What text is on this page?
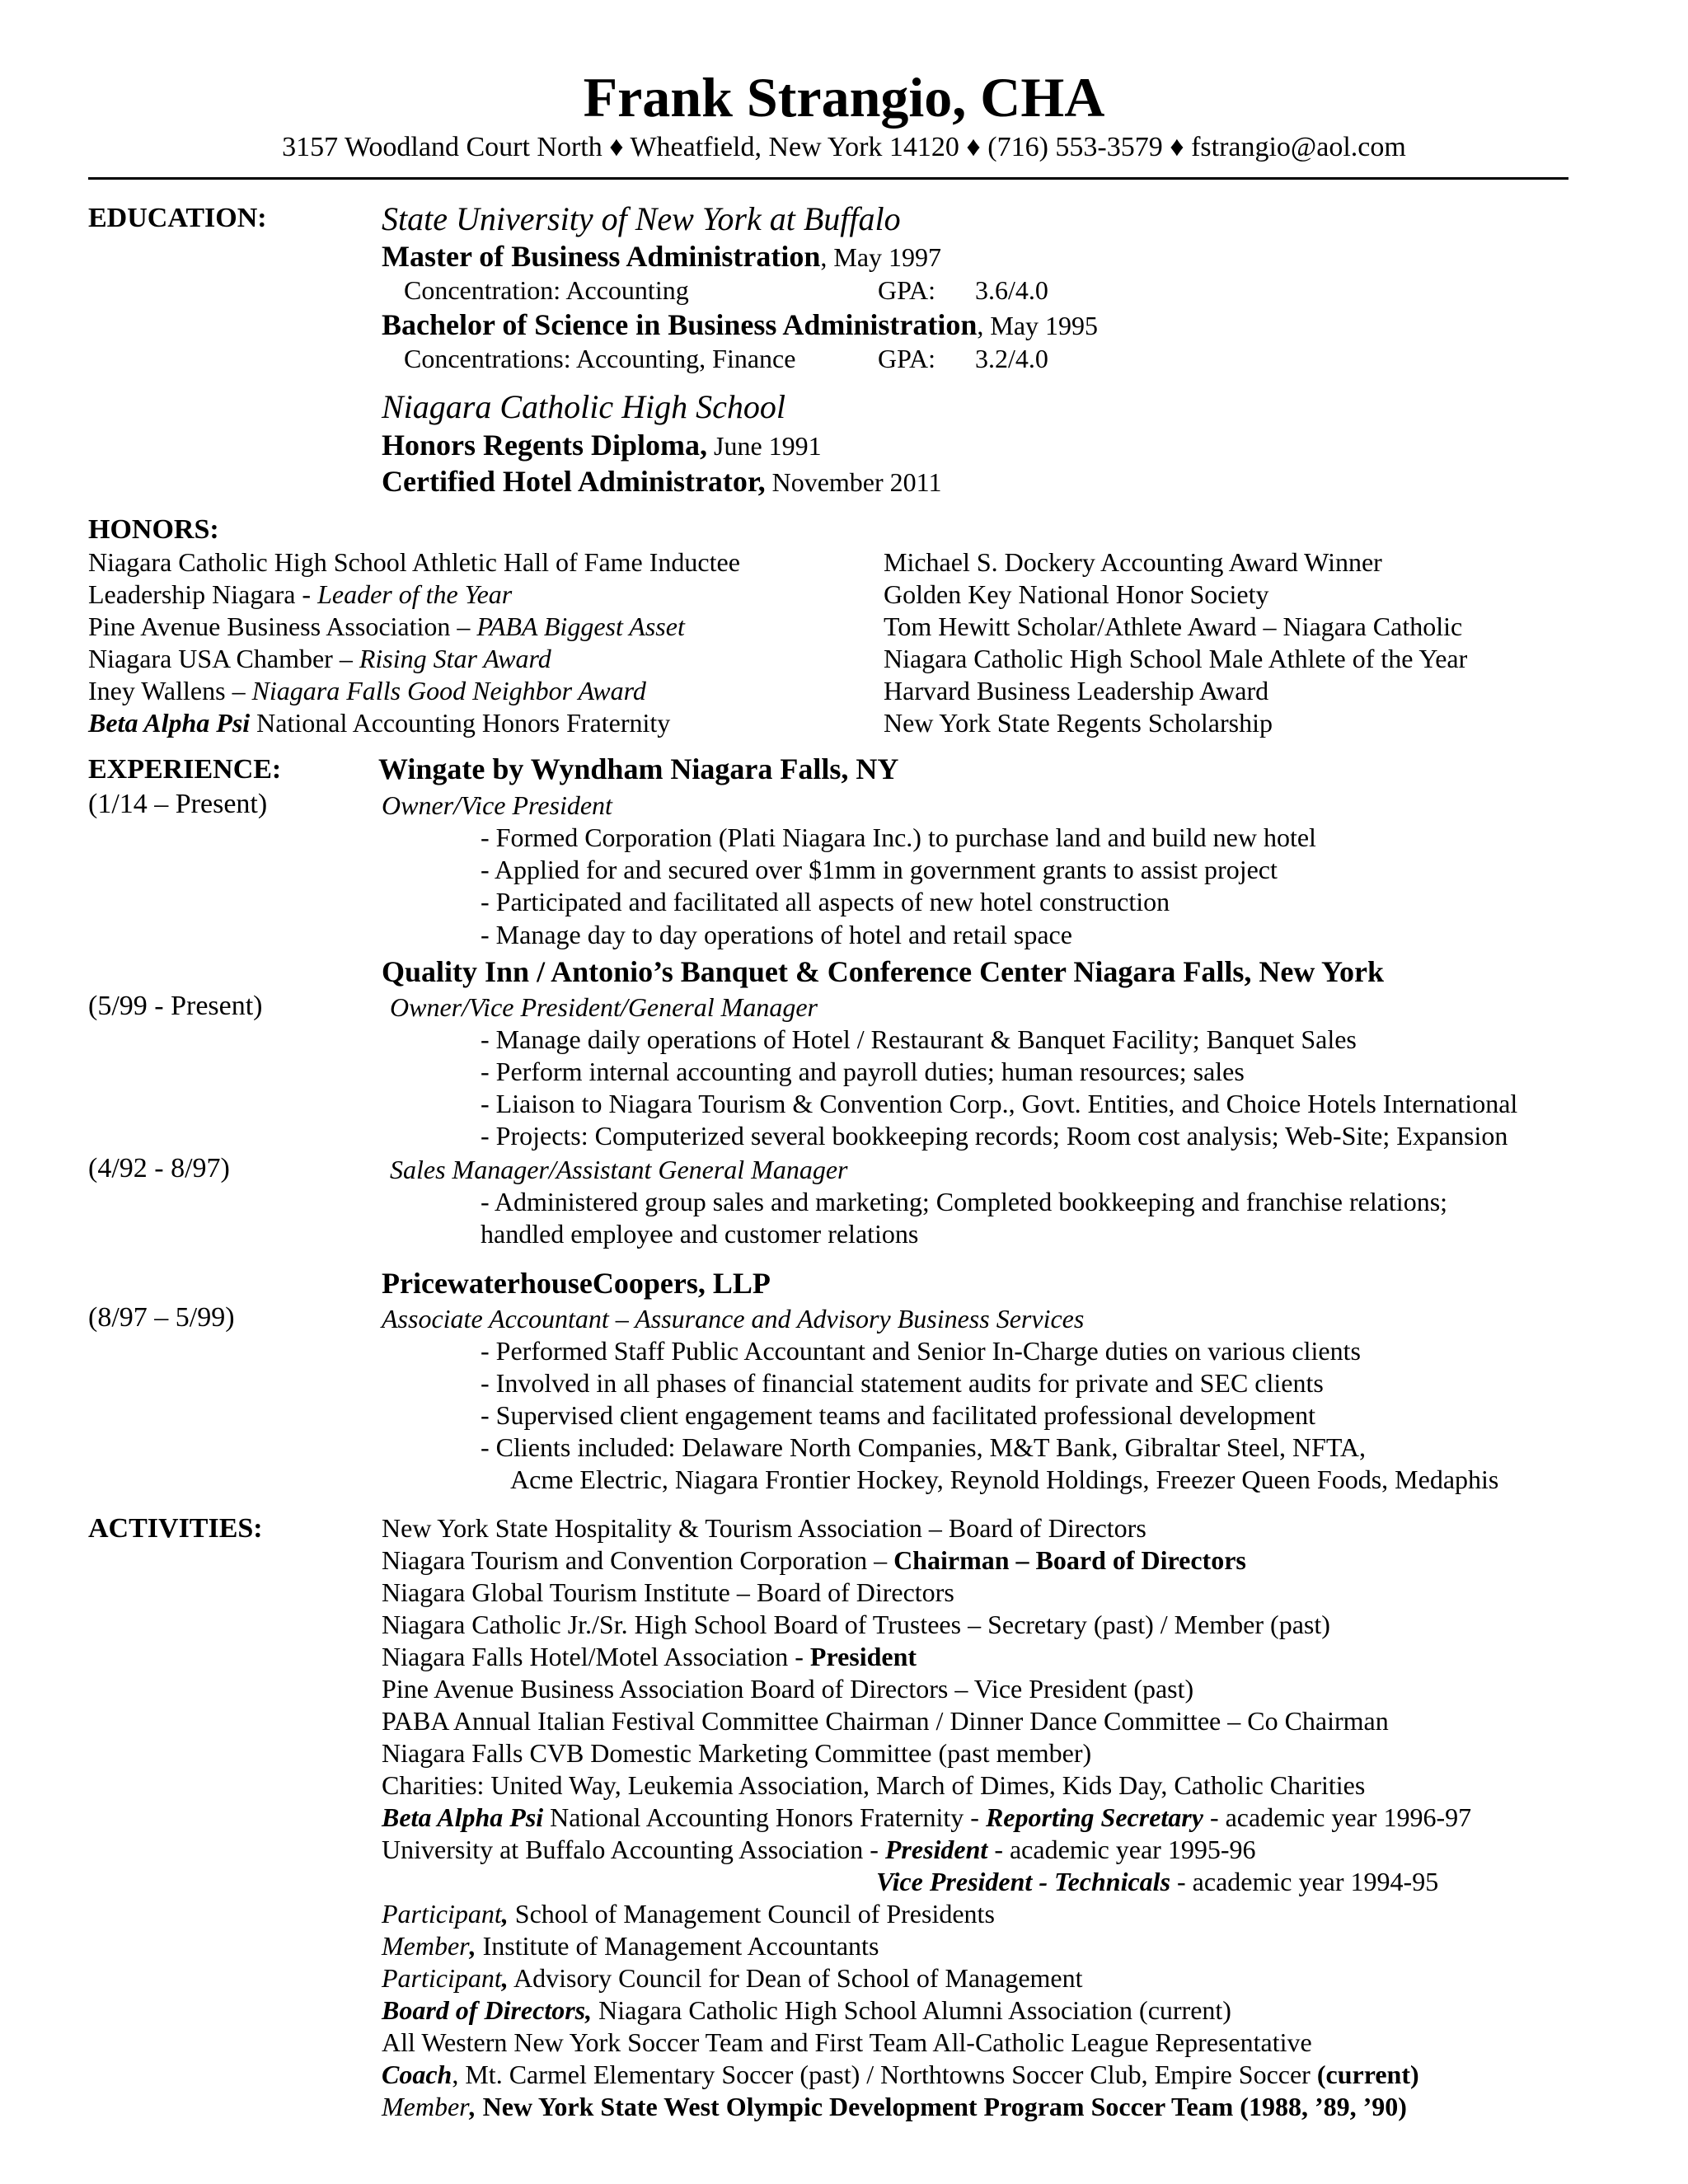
Frank Strangio, CHA
3157 Woodland Court North ♦ Wheatfield, New York 14120 ♦ (716) 553-3579 ♦ fstrangio@aol.com
EDUCATION:	State University of New York at Buffalo
Master of Business Administration, May 1997
Concentration: Accounting	GPA: 3.6/4.0
Bachelor of Science in Business Administration, May 1995
Concentrations: Accounting, Finance	GPA: 3.2/4.0
Niagara Catholic High School
Honors Regents Diploma, June 1991
Certified Hotel Administrator, November 2011
HONORS:
Niagara Catholic High School Athletic Hall of Fame Inductee
Leadership Niagara - Leader of the Year
Pine Avenue Business Association – PABA Biggest Asset
Niagara USA Chamber – Rising Star Award
Iney Wallens – Niagara Falls Good Neighbor Award
Beta Alpha Psi National Accounting Honors Fraternity
Michael S. Dockery Accounting Award Winner
Golden Key National Honor Society
Tom Hewitt Scholar/Athlete Award – Niagara Catholic
Niagara Catholic High School Male Athlete of the Year
Harvard Business Leadership Award
New York State Regents Scholarship
EXPERIENCE:	Wingate by Wyndham Niagara Falls, NY
(1/14 – Present)	Owner/Vice President
- Formed Corporation (Plati Niagara Inc.) to purchase land and build new hotel
- Applied for and secured over $1mm in government grants to assist project
- Participated and facilitated all aspects of new hotel construction
- Manage day to day operations of hotel and retail space
Quality Inn / Antonio’s Banquet & Conference Center Niagara Falls, New York
(5/99 - Present)	Owner/Vice President/General Manager
- Manage daily operations of Hotel / Restaurant & Banquet Facility; Banquet Sales
- Perform internal accounting and payroll duties; human resources; sales
- Liaison to Niagara Tourism & Convention Corp., Govt. Entities, and Choice Hotels International
- Projects: Computerized several bookkeeping records; Room cost analysis; Web-Site; Expansion
(4/92 - 8/97)	Sales Manager/Assistant General Manager
- Administered group sales and marketing; Completed bookkeeping and franchise relations;
handled employee and customer relations
PricewaterhouseCoopers, LLP
(8/97 – 5/99)	Associate Accountant – Assurance and Advisory Business Services
- Performed Staff Public Accountant and Senior In-Charge duties on various clients
- Involved in all phases of financial statement audits for private and SEC clients
- Supervised client engagement teams and facilitated professional development
- Clients included: Delaware North Companies, M&T Bank, Gibraltar Steel, NFTA,
Acme Electric, Niagara Frontier Hockey, Reynold Holdings, Freezer Queen Foods, Medaphis
ACTIVITIES:	New York State Hospitality & Tourism Association – Board of Directors
Niagara Tourism and Convention Corporation – Chairman – Board of Directors
Niagara Global Tourism Institute – Board of Directors
Niagara Catholic Jr./Sr. High School Board of Trustees – Secretary (past) / Member (past)
Niagara Falls Hotel/Motel Association - President
Pine Avenue Business Association Board of Directors – Vice President (past)
PABA Annual Italian Festival Committee Chairman / Dinner Dance Committee – Co Chairman
Niagara Falls CVB Domestic Marketing Committee (past member)
Charities: United Way, Leukemia Association, March of Dimes, Kids Day, Catholic Charities
Beta Alpha Psi National Accounting Honors Fraternity - Reporting Secretary - academic year 1996-97
University at Buffalo Accounting Association - President - academic year 1995-96
Vice President - Technicals - academic year 1994-95
Participant, School of Management Council of Presidents
Member, Institute of Management Accountants
Participant, Advisory Council for Dean of School of Management
Board of Directors, Niagara Catholic High School Alumni Association (current)
All Western New York Soccer Team and First Team All-Catholic League Representative
Coach, Mt. Carmel Elementary Soccer (past) / Northtowns Soccer Club, Empire Soccer (current)
Member, New York State West Olympic Development Program Soccer Team (1988, ’89, ’90)
